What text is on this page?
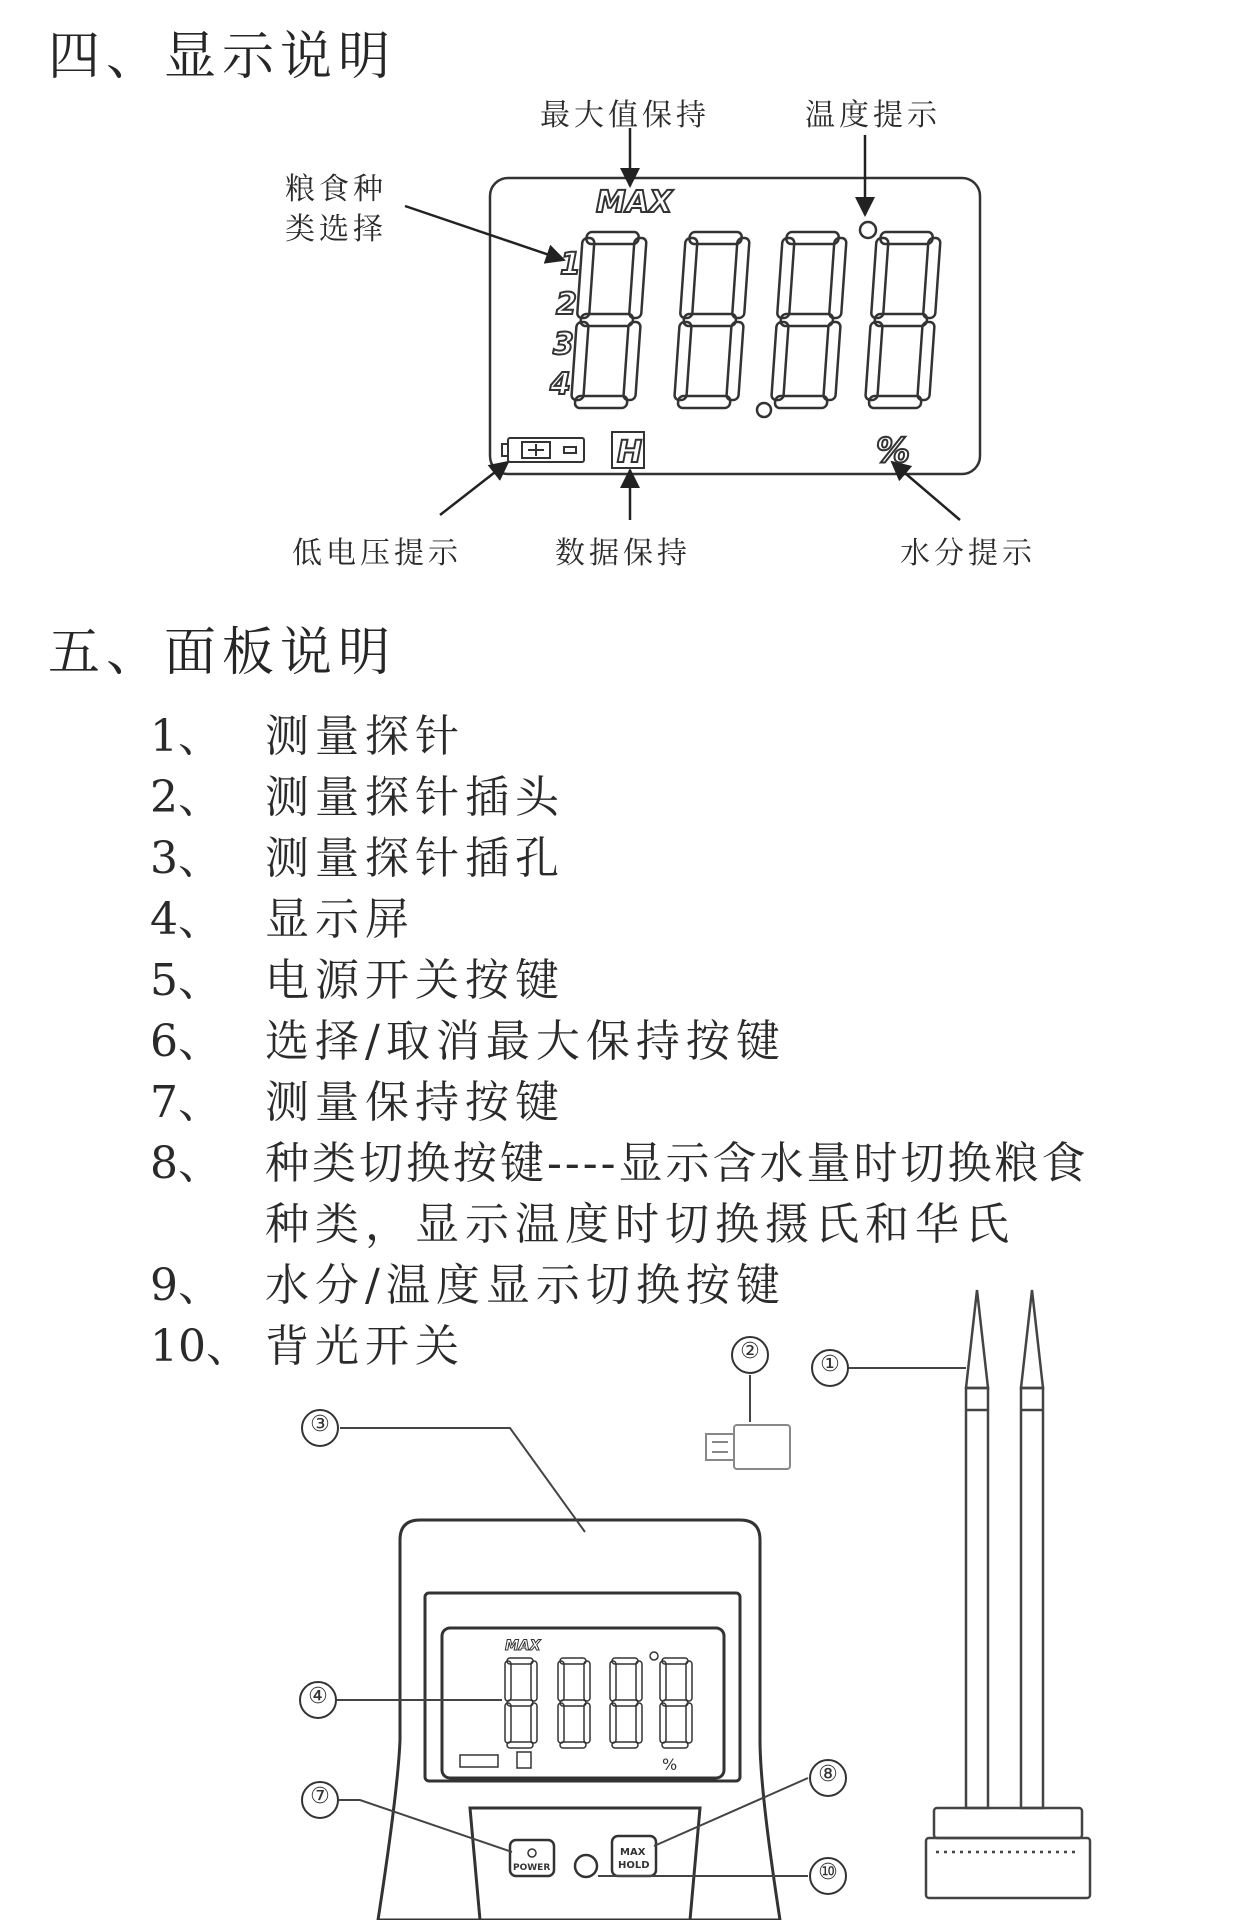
四、显示说明
最大值保持	温度提示
粮食种
类选择
低电压提示	数据保持	水分提示
MAX
1
2
3
4
H	%
MAX
%
POWER
MAX
HOLD
五、面板说明
1、 测量探针
2、 测量探针插头
3、 测量探针插孔
4、 显示屏
5、 电源开关按键
6、 选择/取消最大保持按键
7、 测量保持按键
8、 种类切换按键----显示含水量时切换粮食
种类，显示温度时切换摄氏和华氏
9、 水分/温度显示切换按键
10、 背光开关	①
②
③
④
⑦
⑧
⑩
